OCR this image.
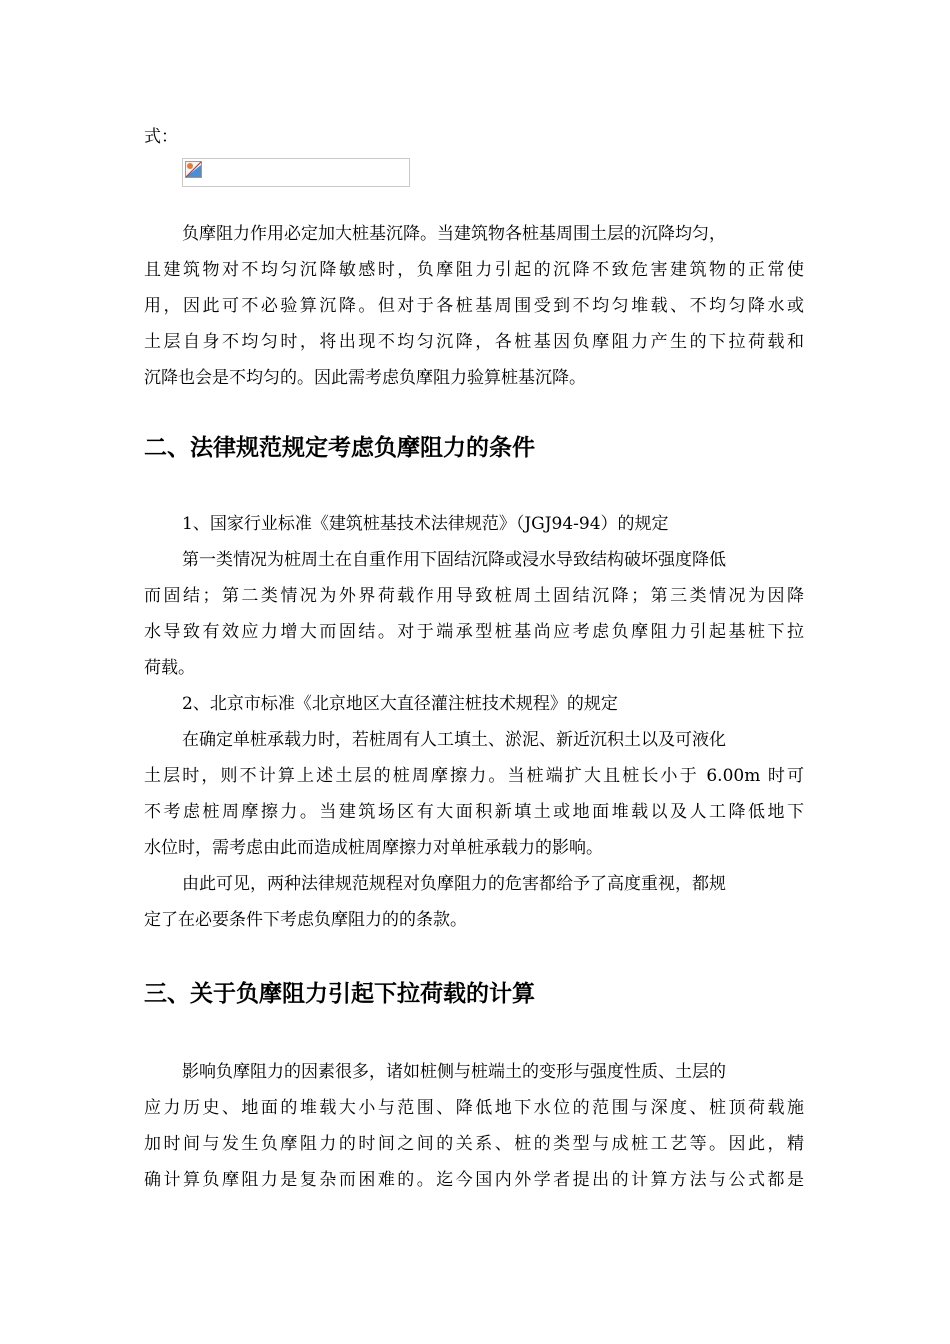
式：
负摩阻力作用必定加大桩基沉降。当建筑物各桩基周围土层的沉降均匀，
且建筑物对不均匀沉降敏感时，负摩阻力引起的沉降不致危害建筑物的正常使
用，因此可不必验算沉降。但对于各桩基周围受到不均匀堆载、不均匀降水或
土层自身不均匀时，将出现不均匀沉降，各桩基因负摩阻力产生的下拉荷载和
沉降也会是不均匀的。因此需考虑负摩阻力验算桩基沉降。
二、法律规范规定考虑负摩阻力的条件
1、国家行业标准《建筑桩基技术法律规范》（JGJ94-94）的规定
第一类情况为桩周土在自重作用下固结沉降或浸水导致结构破坏强度降低
而固结；第二类情况为外界荷载作用导致桩周土固结沉降；第三类情况为因降
水导致有效应力增大而固结。对于端承型桩基尚应考虑负摩阻力引起基桩下拉
荷载。
2、北京市标准《北京地区大直径灌注桩技术规程》的规定
在确定单桩承载力时，若桩周有人工填土、淤泥、新近沉积土以及可液化
土层时，则不计算上述土层的桩周摩擦力。当桩端扩大且桩长小于 6.00m 时可
不考虑桩周摩擦力。当建筑场区有大面积新填土或地面堆载以及人工降低地下
水位时，需考虑由此而造成桩周摩擦力对单桩承载力的影响。
由此可见，两种法律规范规程对负摩阻力的危害都给予了高度重视，都规
定了在必要条件下考虑负摩阻力的的条款。
三、关于负摩阻力引起下拉荷载的计算
影响负摩阻力的因素很多，诸如桩侧与桩端土的变形与强度性质、土层的
应力历史、地面的堆载大小与范围、降低地下水位的范围与深度、桩顶荷载施
加时间与发生负摩阻力的时间之间的关系、桩的类型与成桩工艺等。因此，精
确计算负摩阻力是复杂而困难的。迄今国内外学者提出的计算方法与公式都是
